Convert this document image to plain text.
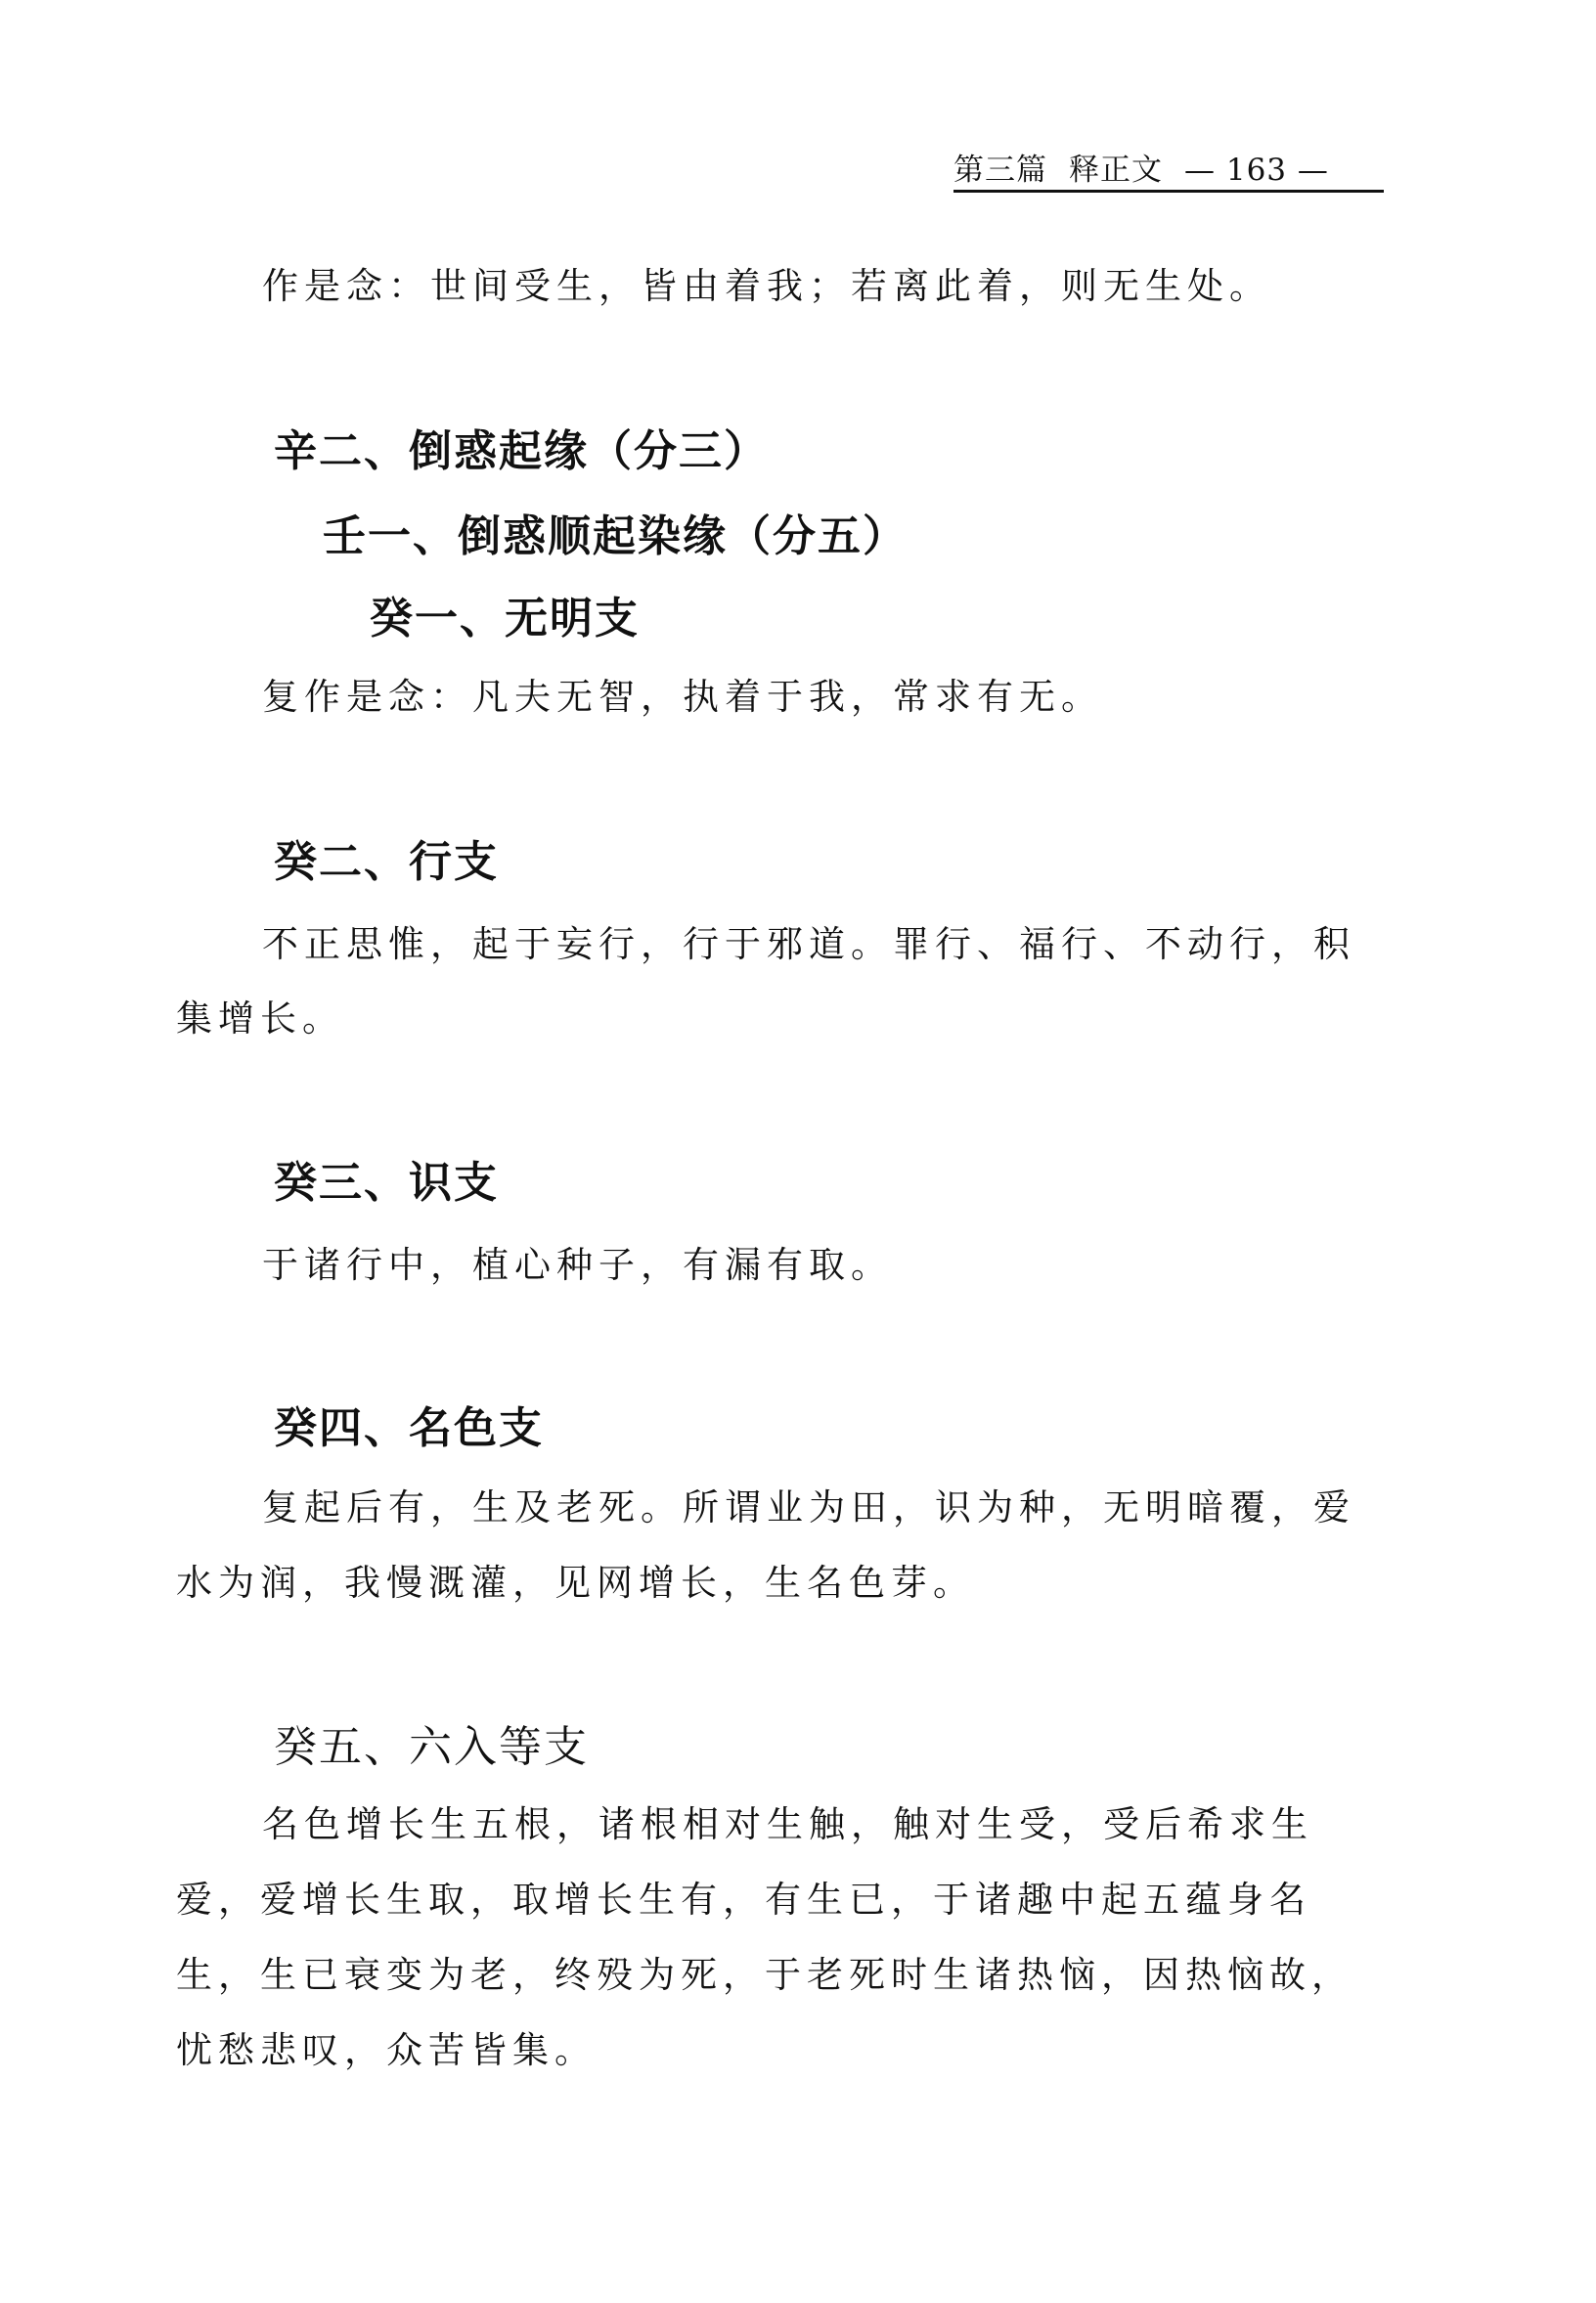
第三篇 释正文 — 163 —
作是念：世间受生，皆由着我；若离此着，则无生处。
辛二、倒惑起缘（分三）
壬一、倒惑顺起染缘（分五）
癸一、无明支
复作是念：凡夫无智，执着于我，常求有无。
癸二、行支
不正思惟，起于妄行，行于邪道。罪行、福行、不动行，积
集增长。
癸三、识支
于诸行中，植心种子，有漏有取。
癸四、名色支
复起后有，生及老死。所谓业为田，识为种，无明暗覆，爱
水为润，我慢溉灌，见网增长，生名色芽。
癸五、六入等支
名色增长生五根，诸根相对生触，触对生受，受后希求生
爱，爱增长生取，取增长生有，有生已，于诸趣中起五蕴身名
生，生已衰变为老，终殁为死，于老死时生诸热恼，因热恼故，
忧愁悲叹，众苦皆集。
